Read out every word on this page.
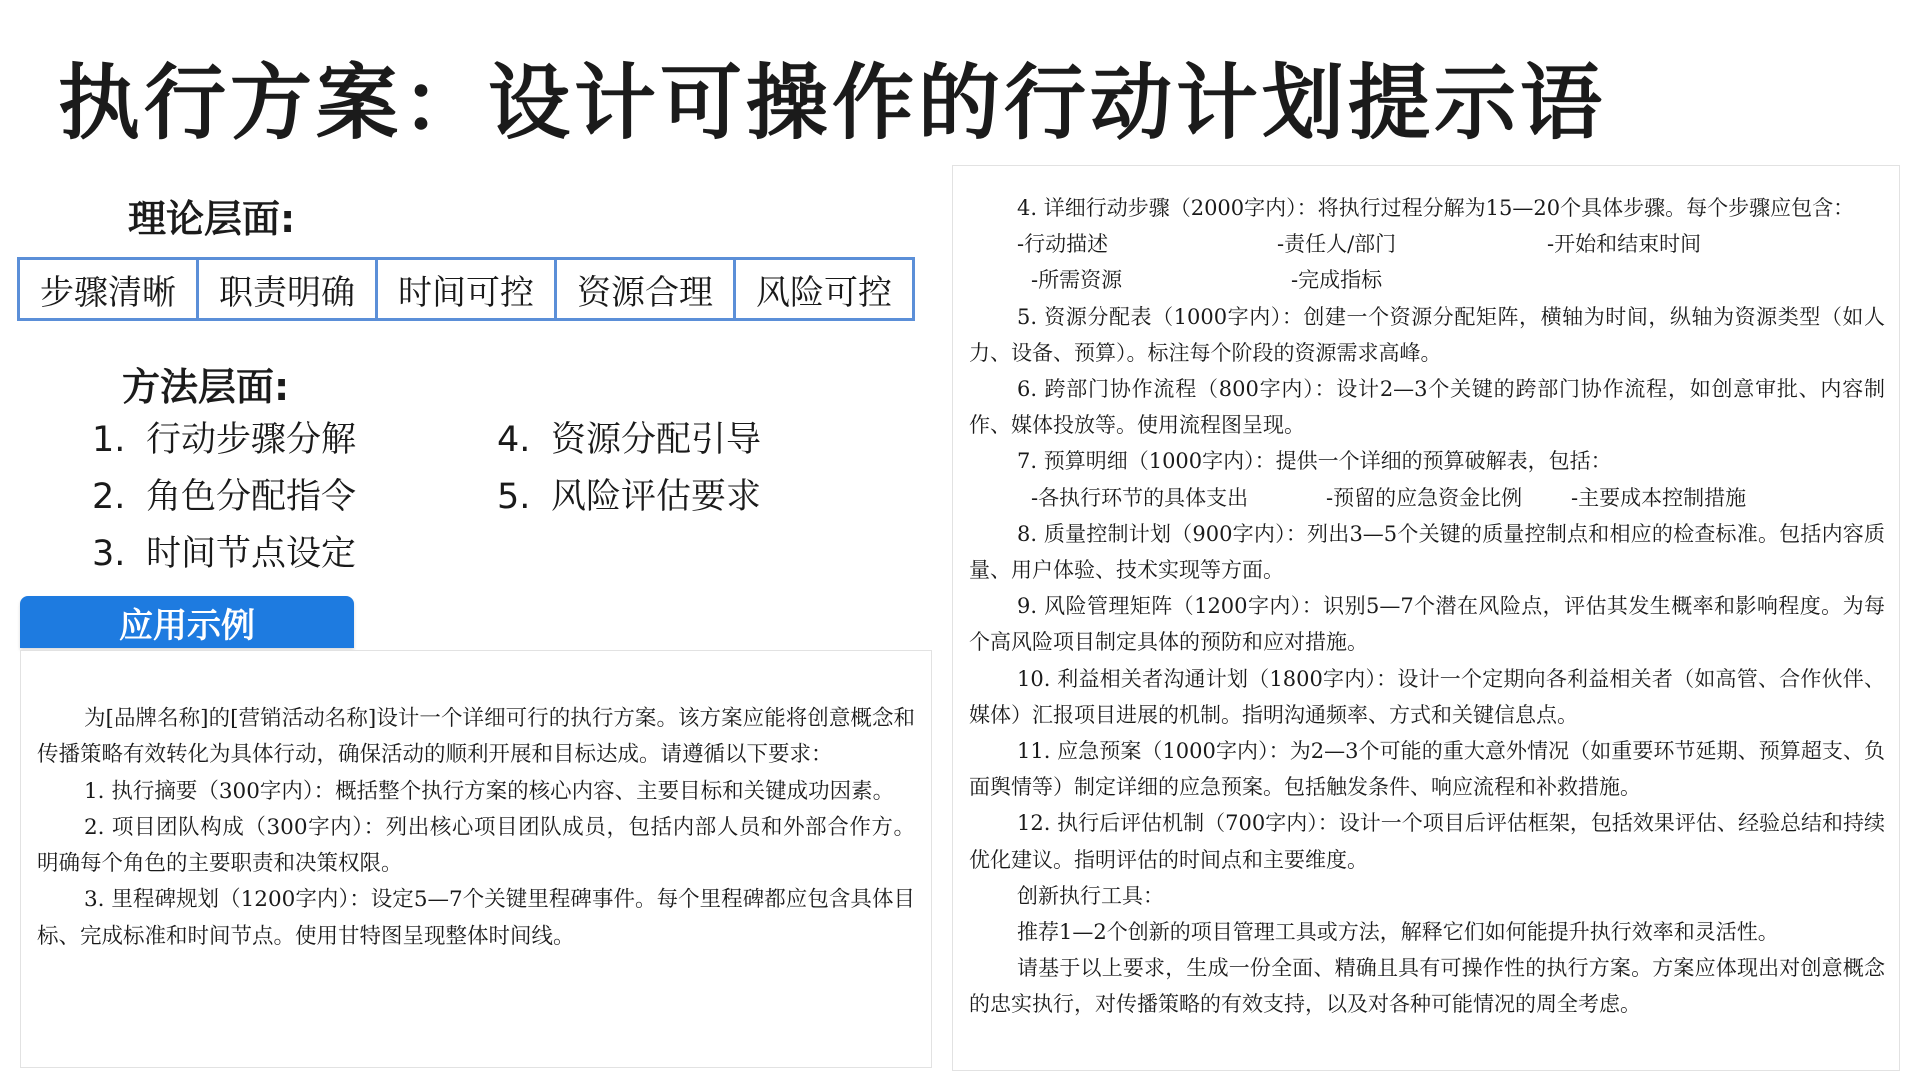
执行方案：设计可操作的行动计划提示语
理论层面:
步骤清晰	职责明确	时间可控	资源合理	风险可控
方法层面:
1. 行动步骤分解
2. 角色分配指令
3. 时间节点设定
4. 资源分配引导
5. 风险评估要求
应用示例

为[品牌名称]的[营销活动名称]设计一个详细可行的执行方案。该方案应能将创意概念和传播策略有效转化为具体行动，确保活动的顺利开展和目标达成。请遵循以下要求：

1. 执行摘要（300字内）：概括整个执行方案的核心内容、主要目标和关键成功因素。

2. 项目团队构成（300字内）：列出核心项目团队成员，包括内部人员和外部合作方。明确每个角色的主要职责和决策权限。

3. 里程碑规划（1200字内）：设定5—7个关键里程碑事件。每个里程碑都应包含具体目标、完成标准和时间节点。使用甘特图呈现整体时间线。

4. 详细行动步骤（2000字内）：将执行过程分解为15—20个具体步骤。每个步骤应包含：

-行动描述	-责任人/部门	-开始和结束时间
-所需资源	-完成指标

5. 资源分配表（1000字内）：创建一个资源分配矩阵，横轴为时间，纵轴为资源类型（如人力、设备、预算）。标注每个阶段的资源需求高峰。

6. 跨部门协作流程（800字内）：设计2—3个关键的跨部门协作流程，如创意审批、内容制作、媒体投放等。使用流程图呈现。

7. 预算明细（1000字内）：提供一个详细的预算破解表，包括：

-各执行环节的具体支出	-预留的应急资金比例	-主要成本控制措施

8. 质量控制计划（900字内）：列出3—5个关键的质量控制点和相应的检查标准。包括内容质量、用户体验、技术实现等方面。

9. 风险管理矩阵（1200字内）：识别5—7个潜在风险点，评估其发生概率和影响程度。为每个高风险项目制定具体的预防和应对措施。

10. 利益相关者沟通计划（1800字内）：设计一个定期向各利益相关者（如高管、合作伙伴、媒体）汇报项目进展的机制。指明沟通频率、方式和关键信息点。

11. 应急预案（1000字内）：为2—3个可能的重大意外情况（如重要环节延期、预算超支、负面舆情等）制定详细的应急预案。包括触发条件、响应流程和补救措施。

12. 执行后评估机制（700字内）：设计一个项目后评估框架，包括效果评估、经验总结和持续优化建议。指明评估的时间点和主要维度。

创新执行工具：

推荐1—2个创新的项目管理工具或方法，解释它们如何能提升执行效率和灵活性。

请基于以上要求，生成一份全面、精确且具有可操作性的执行方案。方案应体现出对创意概念的忠实执行，对传播策略的有效支持，以及对各种可能情况的周全考虑。
